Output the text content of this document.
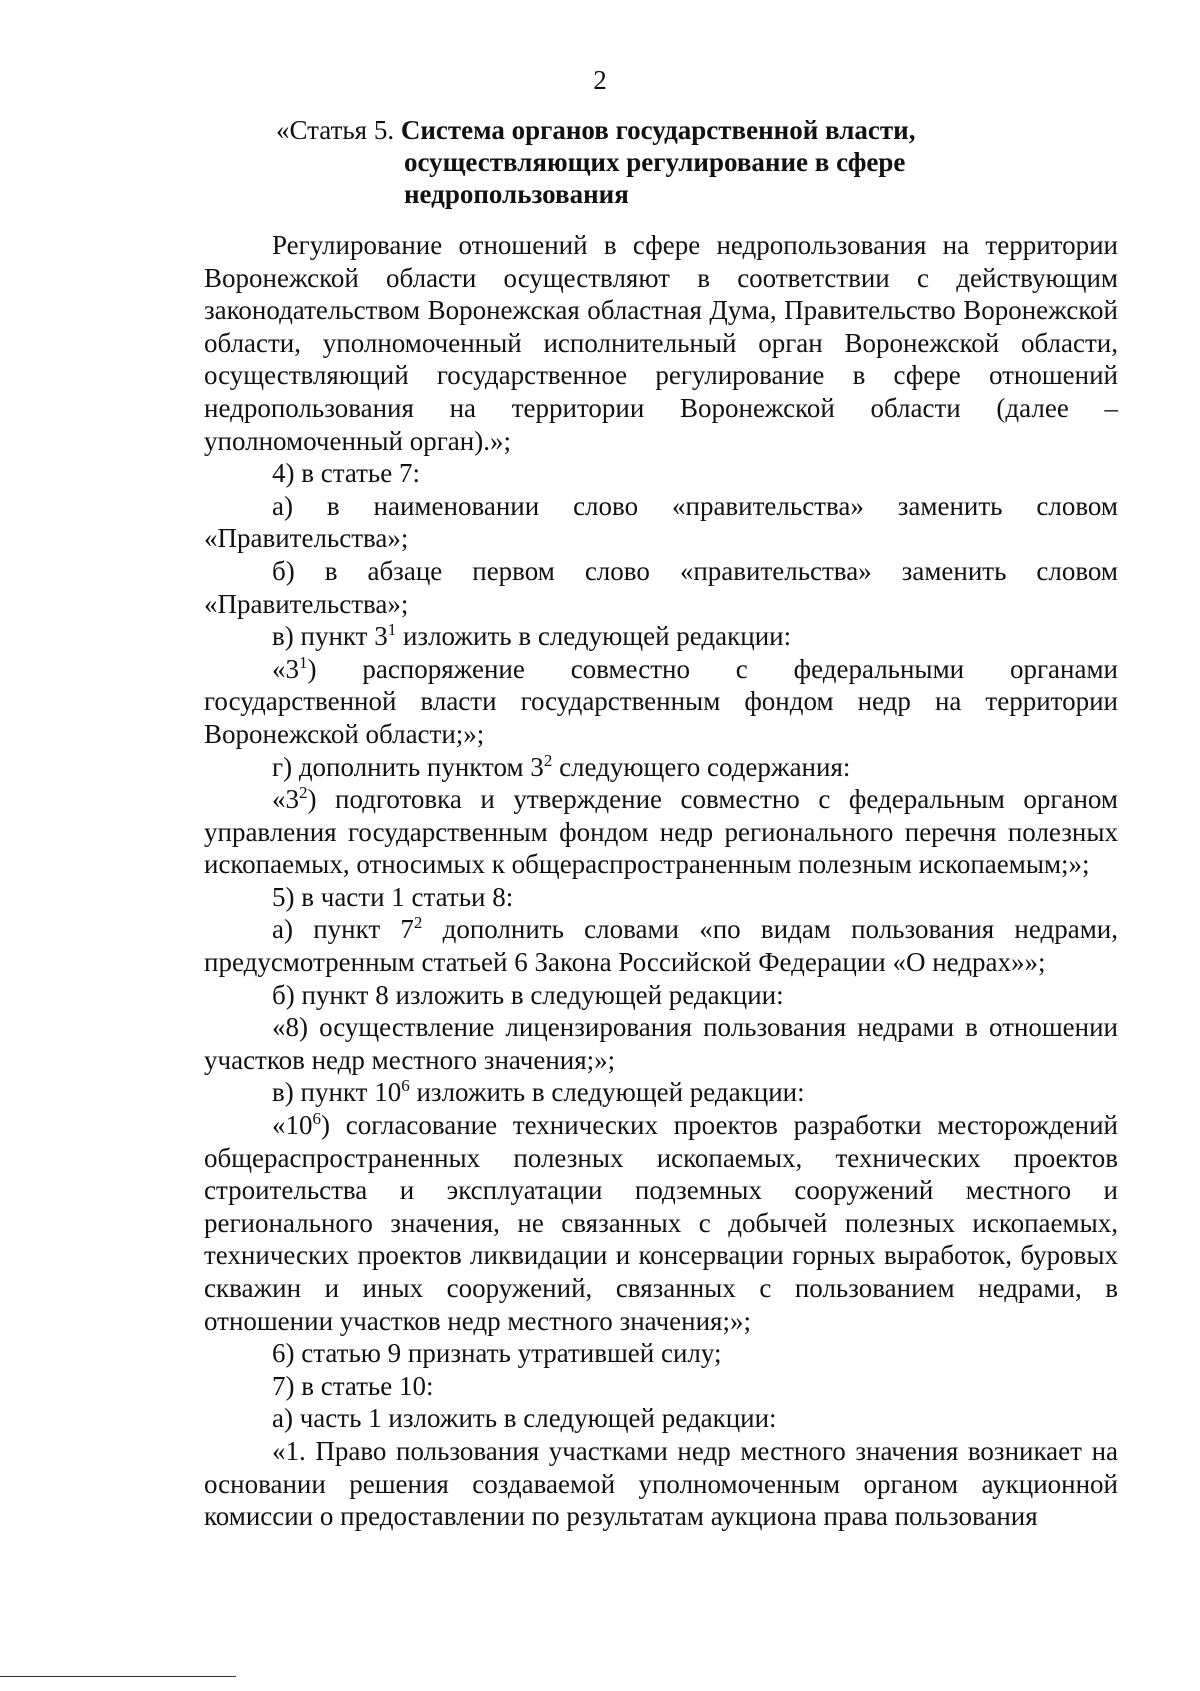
2
«Статья 5. Система органов государственной власти,
осуществляющих регулирование в сфере
недропользования

Регулирование отношений в сфере недропользования на территории Воронежской области осуществляют в соответствии с действующим законодательством Воронежская областная Дума, Правительство Воронежской области, уполномоченный исполнительный орган Воронежской области, осуществляющий государственное регулирование в сфере отношений недропользования на территории Воронежской области (далее – уполномоченный орган).»;

4) в статье 7:

а) в наименовании слово «правительства» заменить словом «Правительства»;

б) в абзаце первом слово «правительства» заменить словом «Правительства»;

в) пункт $3^1$ изложить в следующей редакции:

«$3^1$) распоряжение совместно с федеральными органами государственной власти государственным фондом недр на территории Воронежской области;»;

г) дополнить пунктом $3^2$ следующего содержания:

«$3^2$) подготовка и утверждение совместно с федеральным органом управления государственным фондом недр регионального перечня полезных ископаемых, относимых к общераспространенным полезным ископаемым;»;

5) в части 1 статьи 8:

а) пункт $7^2$ дополнить словами «по видам пользования недрами, предусмотренным статьей 6 Закона Российской Федерации «О недрах»»;

б) пункт 8 изложить в следующей редакции:

«8) осуществление лицензирования пользования недрами в отношении участков недр местного значения;»;

в) пункт $10^6$ изложить в следующей редакции:

«$10^6$) согласование технических проектов разработки месторождений общераспространенных полезных ископаемых, технических проектов строительства и эксплуатации подземных сооружений местного и регионального значения, не связанных с добычей полезных ископаемых, технических проектов ликвидации и консервации горных выработок, буровых скважин и иных сооружений, связанных с пользованием недрами, в отношении участков недр местного значения;»;

6) статью 9 признать утратившей силу;

7) в статье 10:

а) часть 1 изложить в следующей редакции:

«1. Право пользования участками недр местного значения возникает на основании решения создаваемой уполномоченным органом аукционной комиссии о предоставлении по результатам аукциона права пользования
